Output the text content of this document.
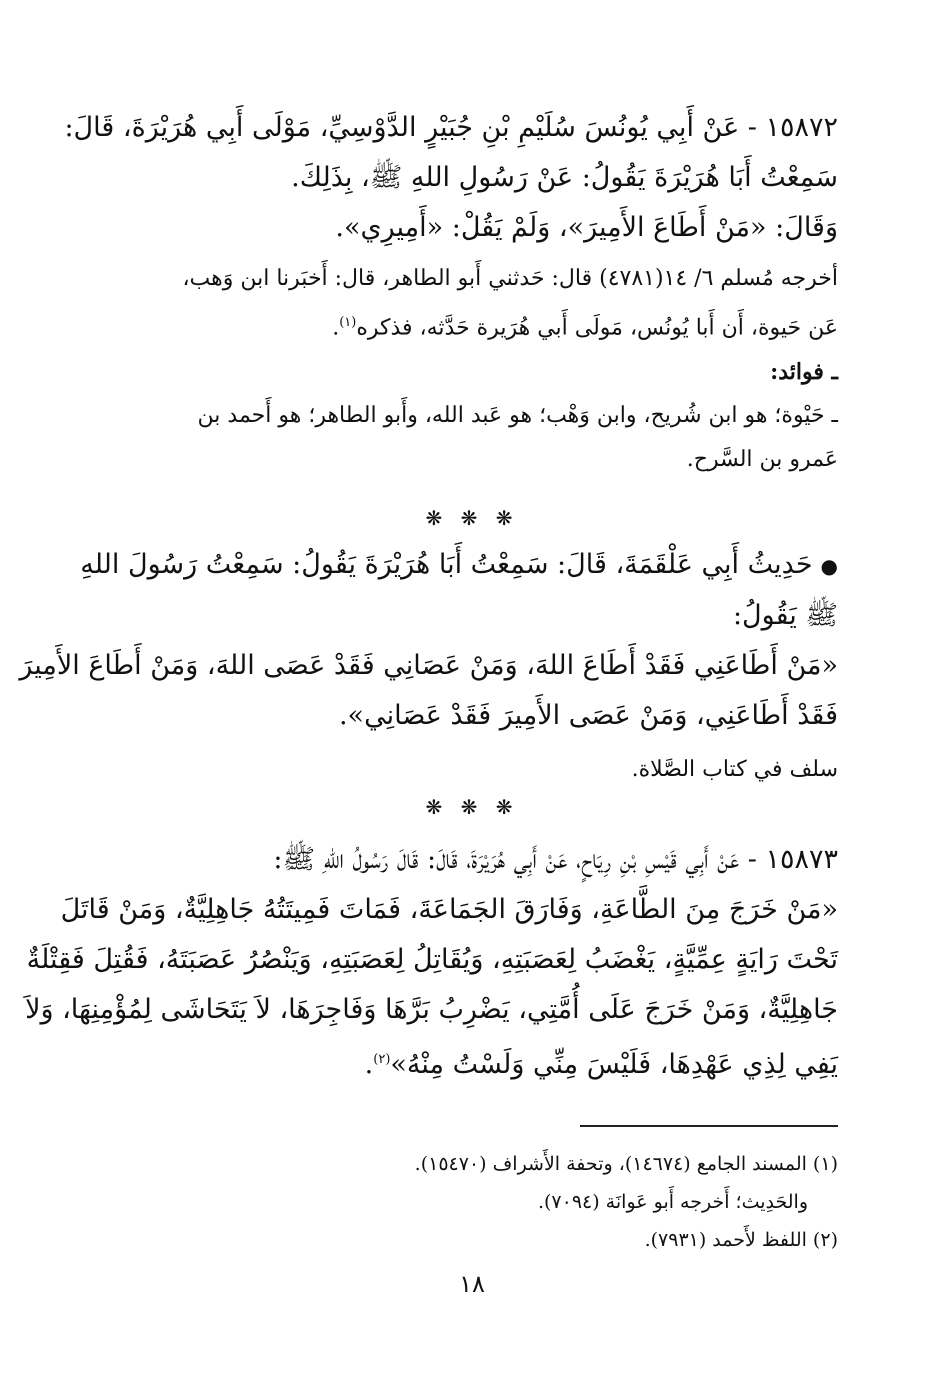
١٥٨٧٢ - عَنْ أَبِي يُونُسَ سُلَيْمِ بْنِ جُبَيْرٍ الدَّوْسِيِّ، مَوْلَى أَبِي هُرَيْرَةَ، قَالَ:
سَمِعْتُ أَبَا هُرَيْرَةَ يَقُولُ: عَنْ رَسُولِ اللهِ ﷺ، بِذَلِكَ.
وَقَالَ: «مَنْ أَطَاعَ الأَمِيرَ»، وَلَمْ يَقُلْ: «أَمِيرِي».
أخرجه مُسلم ٦/ ١٤(٤٧٨١) قال: حَدثني أَبو الطاهر، قال: أَخبَرنا ابن وَهب،
عَن حَيوة، أَن أَبا يُونُس، مَولَى أَبي هُرَيرة حَدَّثه، فذكره$^{(١)}$.
ـ فوائد:
ـ حَيْوة؛ هو ابن شُريح، وابن وَهْب؛ هو عَبد الله، وأَبو الطاهر؛ هو أَحمد بن
عَمرو بن السَّرح.
❋ ❋ ❋
●حَدِيثُ أَبِي عَلْقَمَةَ، قَالَ: سَمِعْتُ أَبَا هُرَيْرَةَ يَقُولُ: سَمِعْتُ رَسُولَ اللهِ
ﷺ يَقُولُ:
«مَنْ أَطَاعَنِي فَقَدْ أَطَاعَ اللهَ، وَمَنْ عَصَانِي فَقَدْ عَصَى اللهَ، وَمَنْ أَطَاعَ الأَمِيرَ
فَقَدْ أَطَاعَنِي، وَمَنْ عَصَى الأَمِيرَ فَقَدْ عَصَانِي».
سلف في كتاب الصَّلاة.
❋ ❋ ❋
١٥٨٧٣ - عَنْ أَبِي قَيْسِ بْنِ رِيَاحٍ، عَنْ أَبِي هُرَيْرَةَ، قَالَ: قَالَ رَسُولُ اللهِ ﷺ:
«مَنْ خَرَجَ مِنَ الطَّاعَةِ، وَفَارَقَ الجَمَاعَةَ، فَمَاتَ فَمِيتَتُهُ جَاهِلِيَّةٌ، وَمَنْ قَاتَلَ
تَحْتَ رَايَةٍ عِمِّيَّةٍ، يَغْضَبُ لِعَصَبَتِهِ، وَيُقَاتِلُ لِعَصَبَتِهِ، وَيَنْصُرُ عَصَبَتَهُ، فَقُتِلَ فَقِتْلَةٌ
جَاهِلِيَّةٌ، وَمَنْ خَرَجَ عَلَى أُمَّتِي، يَضْرِبُ بَرَّهَا وَفَاجِرَهَا، لاَ يَتَحَاشَى لِمُؤْمِنِهَا، وَلاَ
يَفِي لِذِي عَهْدِهَا، فَلَيْسَ مِنِّي وَلَسْتُ مِنْهُ»$^{(٢)}$.
(١) المسند الجامع (١٤٦٧٤)، وتحفة الأَشراف (١٥٤٧٠).
والحَدِيث؛ أَخرجه أَبو عَوانَة (٧٠٩٤).
(٢) اللفظ لأَحمد (٧٩٣١).
١٨
